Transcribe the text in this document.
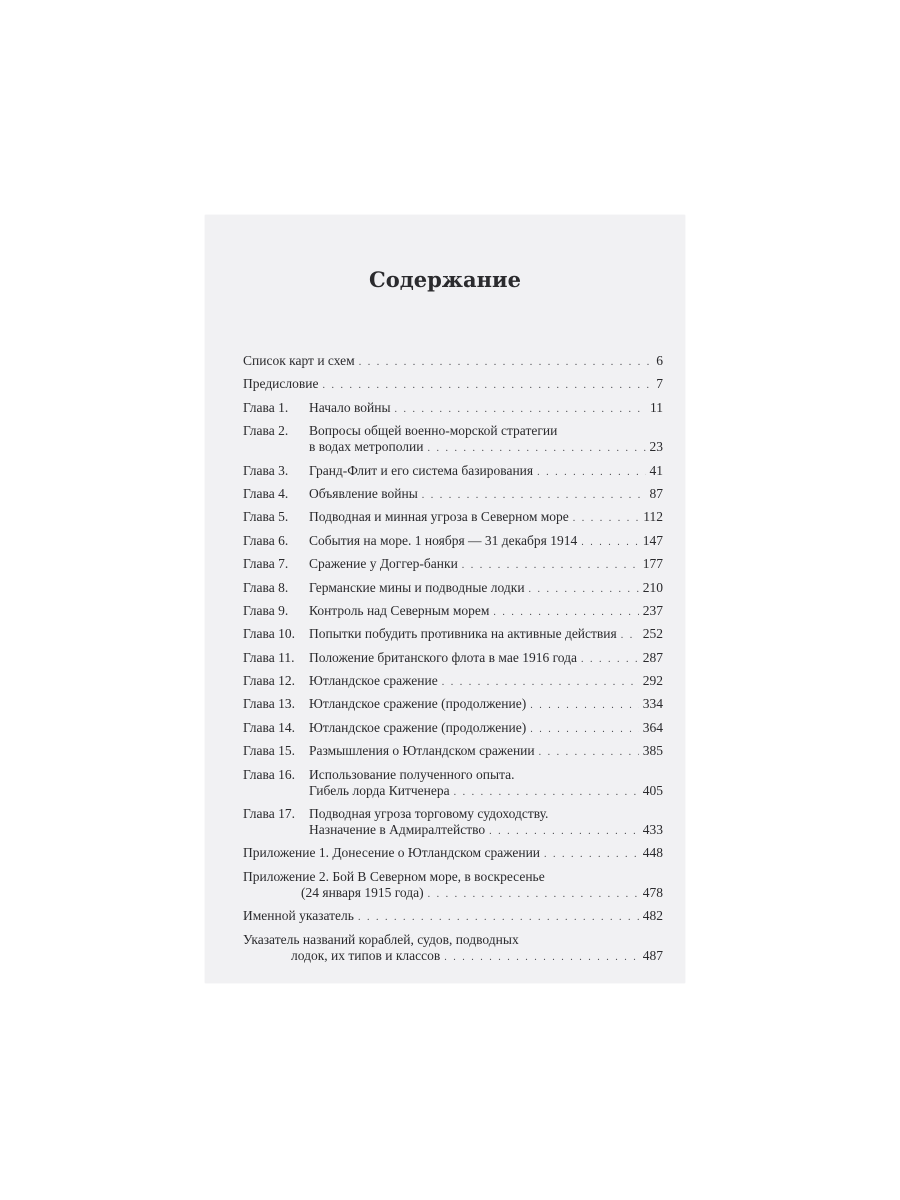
Содержание
Список карт и схем . . .	6
Предисловие . . .	7
Глава 1.	Начало войны . . .	11
Глава 2.	Вопросы общей военно-морской стратегии
в водах метрополии . . .	23
Глава 3.	Гранд-Флит и его система базирования . . .	41
Глава 4.	Объявление войны . . .	87
Глава 5.	Подводная и минная угроза в Северном море . . .	112
Глава 6.	События на море. 1 ноября — 31 декабря 1914 . . .	147
Глава 7.	Сражение у Доггер-банки . . .	177
Глава 8.	Германские мины и подводные лодки . . .	210
Глава 9.	Контроль над Северным морем . . .	237
Глава 10.	Попытки побудить противника на активные действия . . . 252
Глава 11.	Положение британского флота в мае 1916 года . . .	287
Глава 12.	Ютландское сражение . . .	292
Глава 13.	Ютландское сражение (продолжение) . . .	334
Глава 14.	Ютландское сражение (продолжение) . . .	364
Глава 15.	Размышления о Ютландском сражении . . .	385
Глава 16.	Использование полученного опыта.
Гибель лорда Китченера . . .	405
Глава 17.	Подводная угроза торговому судоходству.
Назначение в Адмиралтейство . . .	433
Приложение 1. Донесение о Ютландском сражении . . .	448
Приложение 2. Бой В Северном море, в воскресенье
(24 января 1915 года) . . .	478
Именной указатель . . .	482
Указатель названий кораблей, судов, подводных
лодок, их типов и классов . . .	487
